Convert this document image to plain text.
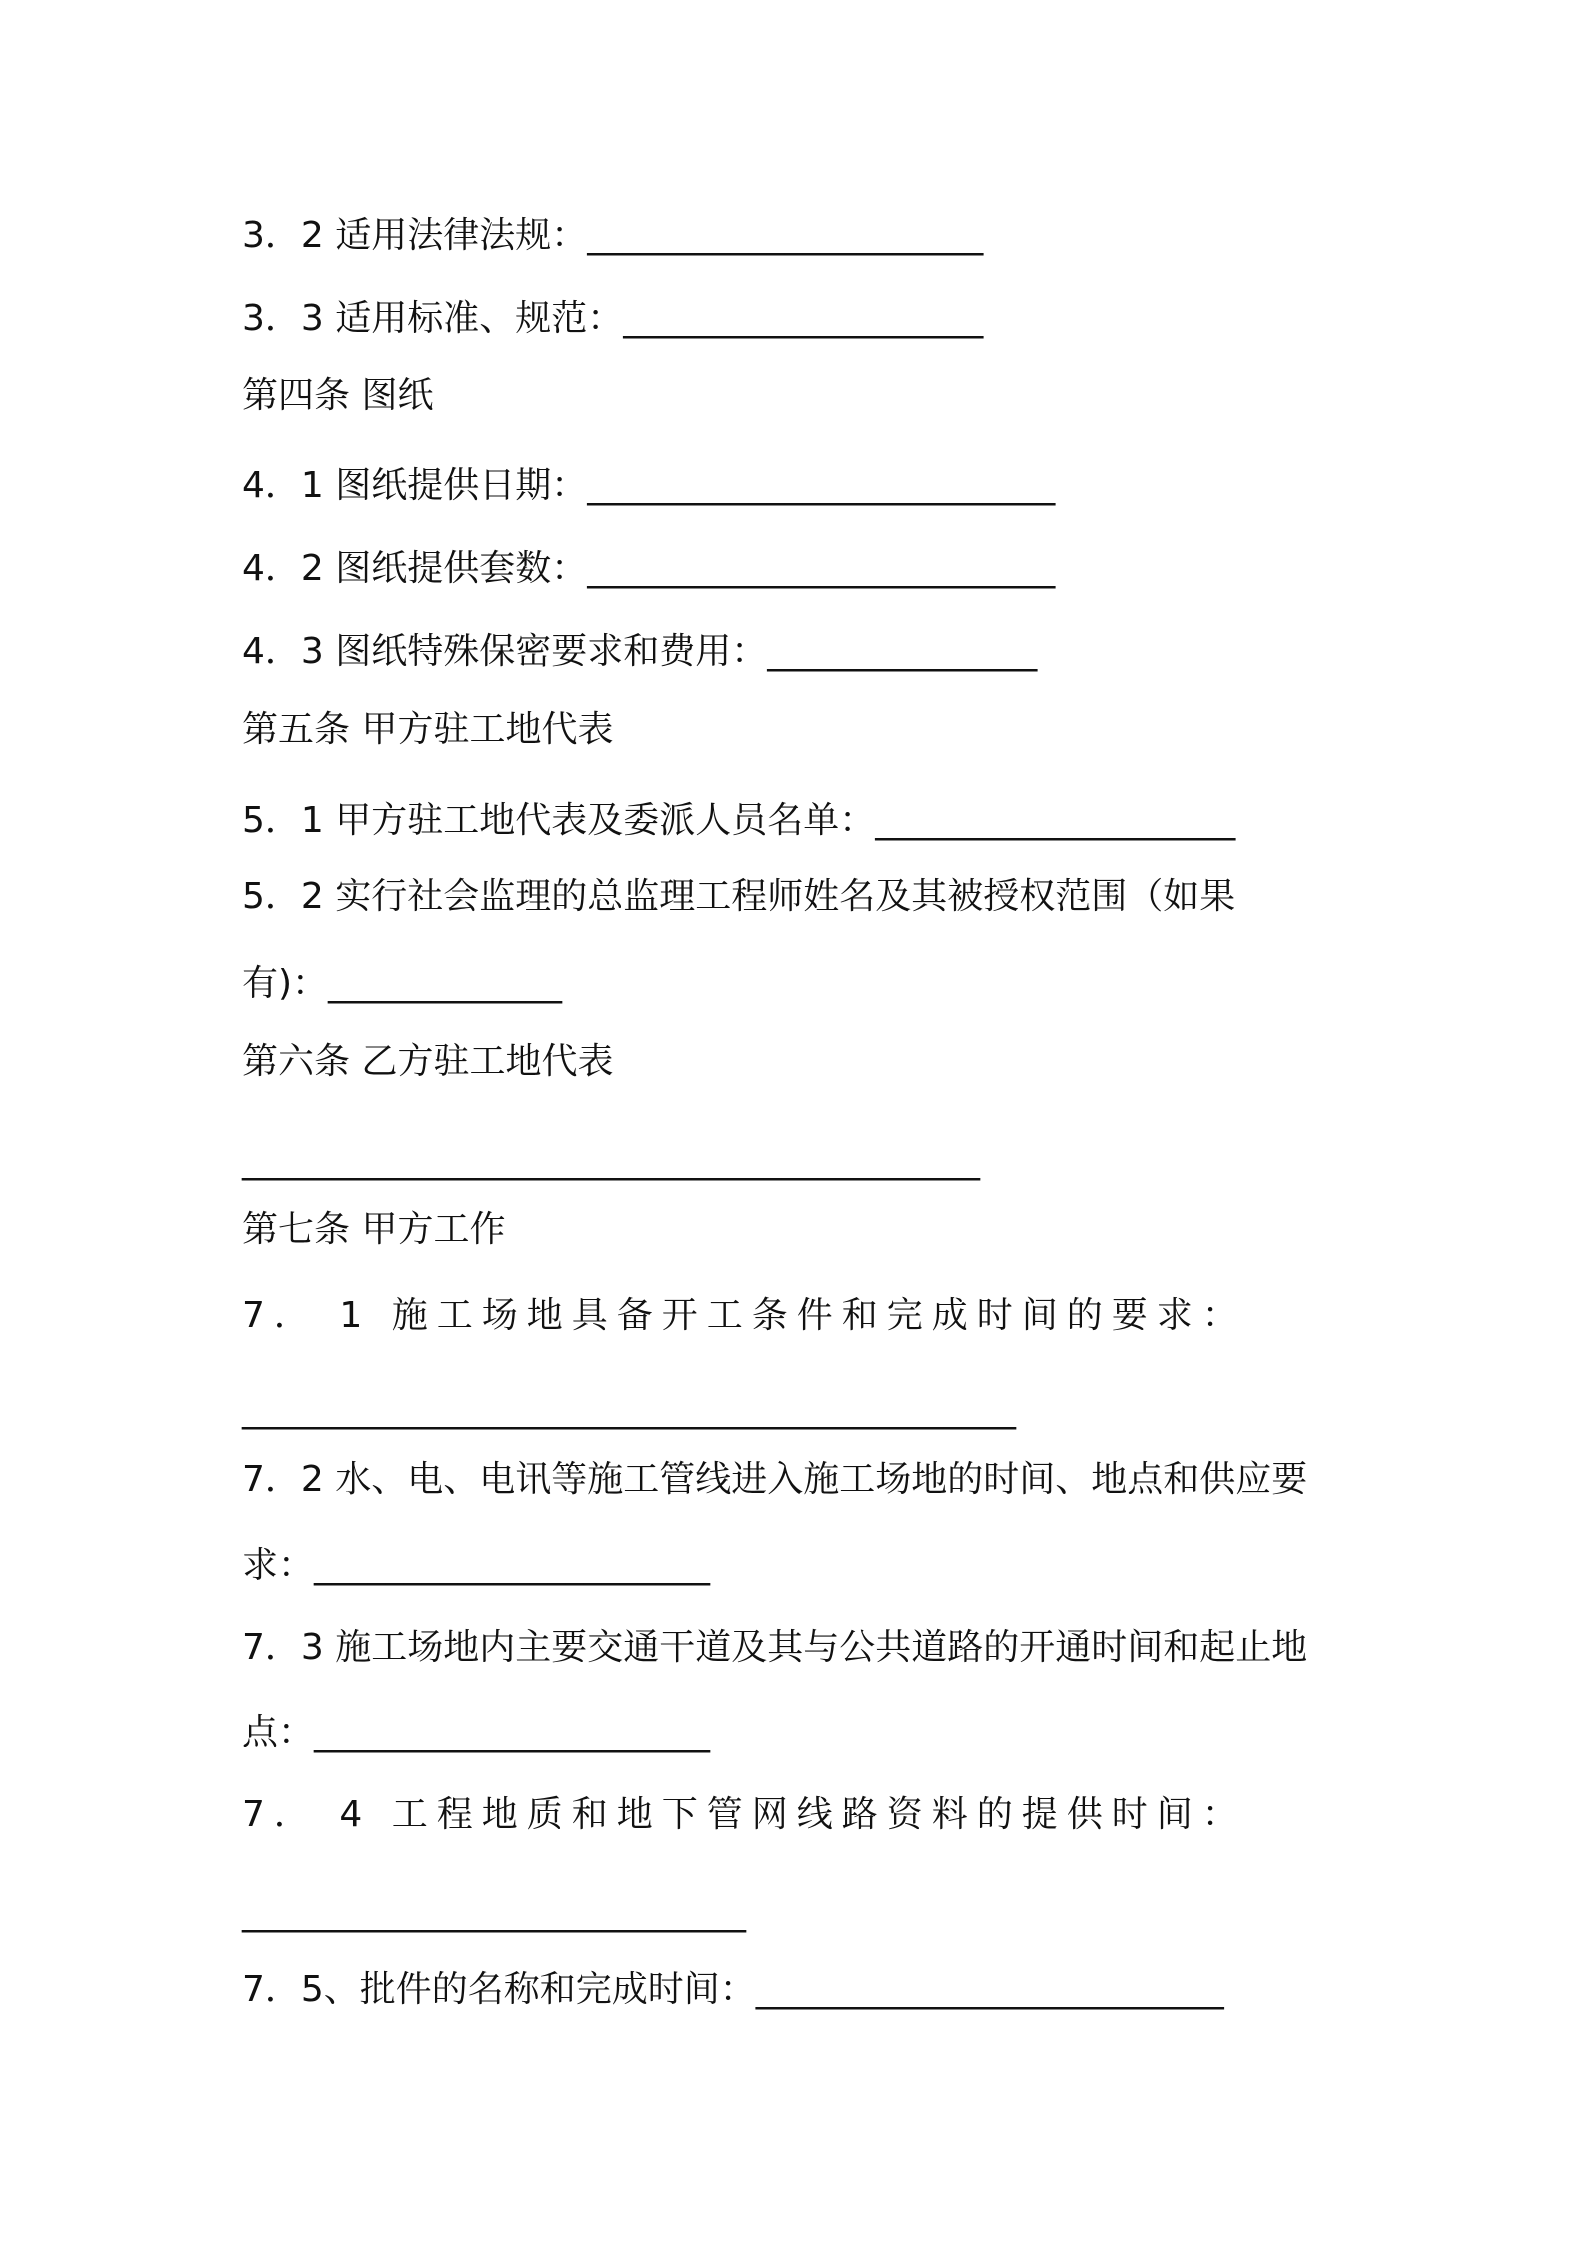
3．2 适用法律法规：______________________
3．3 适用标准、规范：____________________
第四条 图纸
4．1 图纸提供日期：__________________________
4．2 图纸提供套数：__________________________
4．3 图纸特殊保密要求和费用：_______________
第五条 甲方驻工地代表
5．1 甲方驻工地代表及委派人员名单：____________________
5．2 实行社会监理的总监理工程师姓名及其被授权范围（如果
有)：_____________
第六条 乙方驻工地代表
_________________________________________
第七条 甲方工作
7． 1 施工场地具备开工条件和完成时间的要求：
___________________________________________
7．2 水、电、电讯等施工管线进入施工场地的时间、地点和供应要
求：______________________
7．3 施工场地内主要交通干道及其与公共道路的开通时间和起止地
点：______________________
7． 4 工程地质和地下管网线路资料的提供时间：
____________________________
7．5、批件的名称和完成时间：__________________________
